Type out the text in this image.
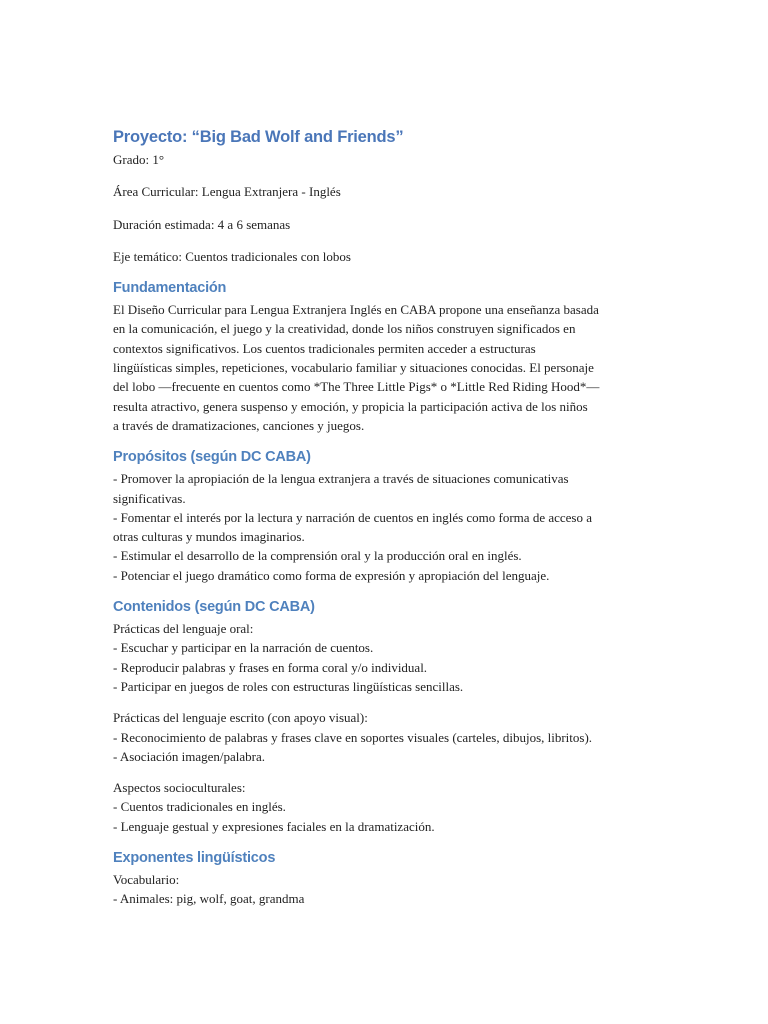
Proyecto: “Big Bad Wolf and Friends”

Grado: 1°

Área Curricular: Lengua Extranjera - Inglés

Duración estimada: 4 a 6 semanas

Eje temático: Cuentos tradicionales con lobos

Fundamentación
El Diseño Curricular para Lengua Extranjera Inglés en CABA propone una enseñanza basada
en la comunicación, el juego y la creatividad, donde los niños construyen significados en
contextos significativos. Los cuentos tradicionales permiten acceder a estructuras
lingüísticas simples, repeticiones, vocabulario familiar y situaciones conocidas. El personaje
del lobo —frecuente en cuentos como *The Three Little Pigs* o *Little Red Riding Hood*—
resulta atractivo, genera suspenso y emoción, y propicia la participación activa de los niños
a través de dramatizaciones, canciones y juegos.
Propósitos (según DC CABA)
- Promover la apropiación de la lengua extranjera a través de situaciones comunicativas
significativas.
- Fomentar el interés por la lectura y narración de cuentos en inglés como forma de acceso a
otras culturas y mundos imaginarios.
- Estimular el desarrollo de la comprensión oral y la producción oral en inglés.
- Potenciar el juego dramático como forma de expresión y apropiación del lenguaje.
Contenidos (según DC CABA)
Prácticas del lenguaje oral:
- Escuchar y participar en la narración de cuentos.
- Reproducir palabras y frases en forma coral y/o individual.
- Participar en juegos de roles con estructuras lingüísticas sencillas.
Prácticas del lenguaje escrito (con apoyo visual):
- Reconocimiento de palabras y frases clave en soportes visuales (carteles, dibujos, libritos).
- Asociación imagen/palabra.
Aspectos socioculturales:
- Cuentos tradicionales en inglés.
- Lenguaje gestual y expresiones faciales en la dramatización.
Exponentes lingüísticos
Vocabulario:
- Animales: pig, wolf, goat, grandma
